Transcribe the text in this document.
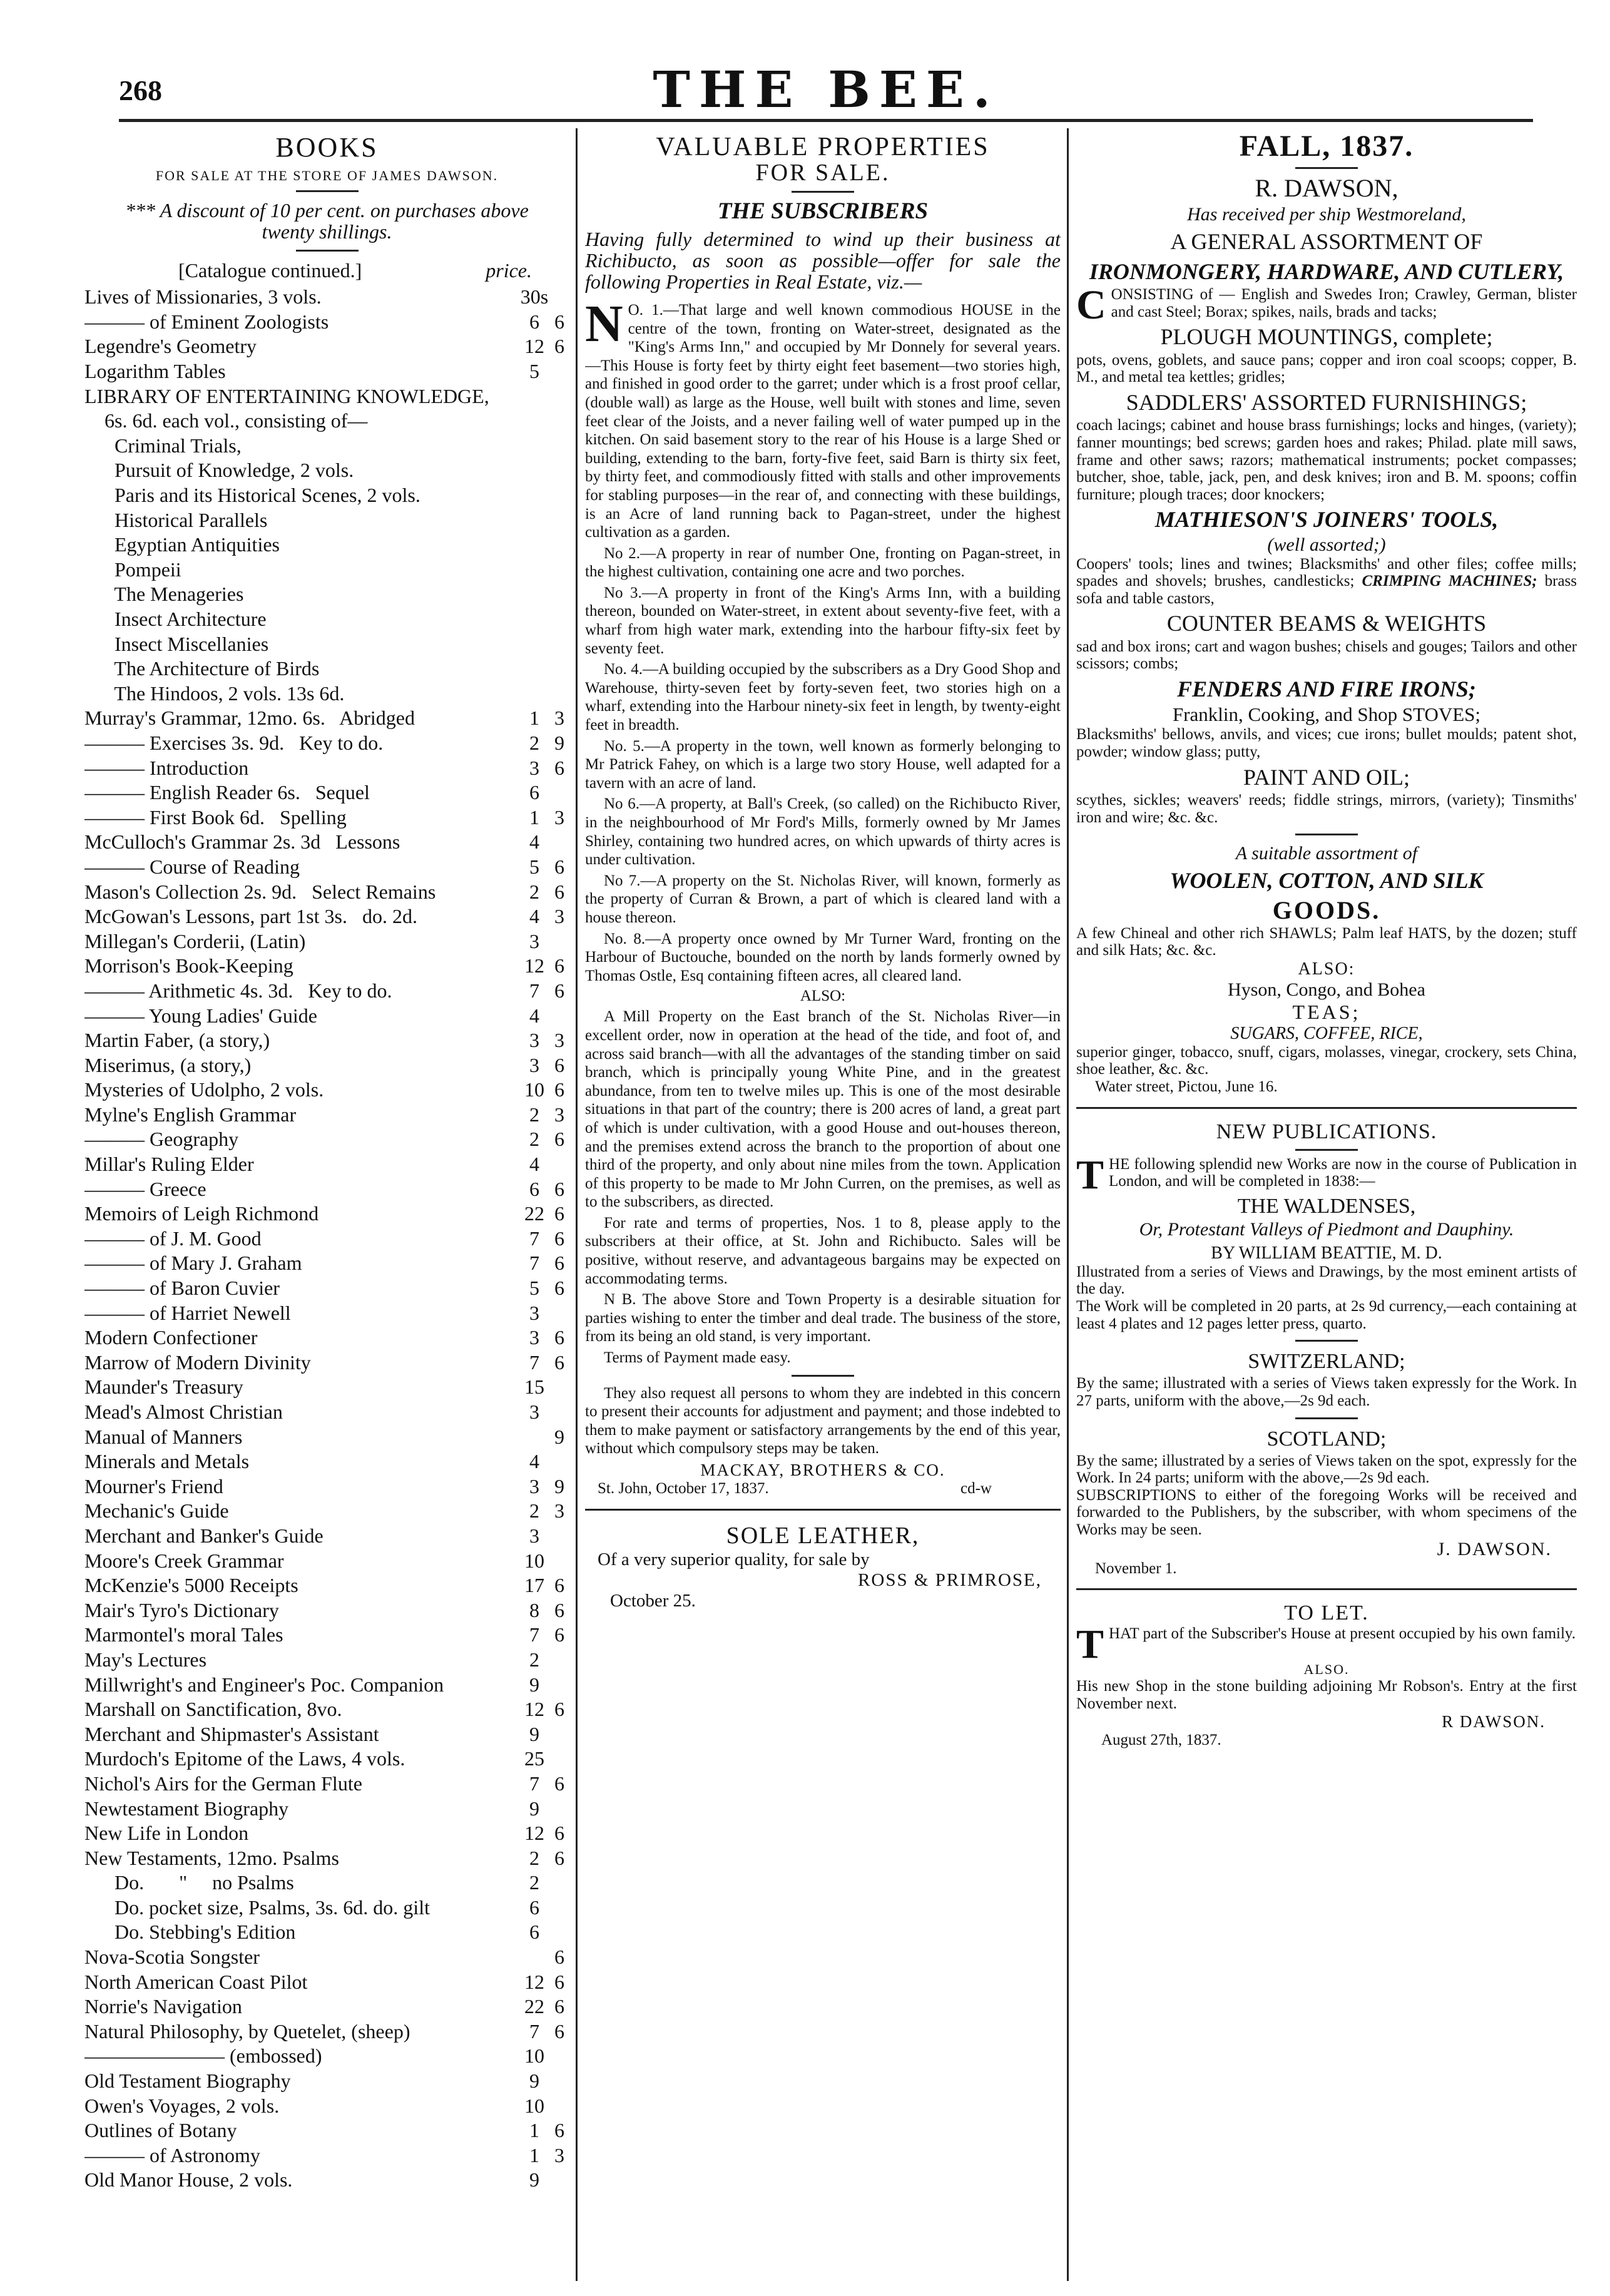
268	THE BEE.
BOOKS
FOR SALE AT THE STORE OF JAMES DAWSON.
*** A discount of 10 per cent. on purchases above twenty shillings.
[Catalogue continued.]	price.
Lives of Missionaries, 3 vols.	30s
——— of Eminent Zoologists	6 6
Legendre's Geometry	12 6
Logarithm Tables	5
LIBRARY OF ENTERTAINING KNOWLEDGE,
6s. 6d. each vol., consisting of—
Criminal Trials,
Pursuit of Knowledge, 2 vols.
Paris and its Historical Scenes, 2 vols.
Historical Parallels
Egyptian Antiquities
Pompeii
The Menageries
Insect Architecture
Insect Miscellanies
The Architecture of Birds
The Hindoos, 2 vols. 13s 6d.
Murray's Grammar, 12mo. 6s.   Abridged	1 3
——— Exercises 3s. 9d.   Key to do.	2 9
——— Introduction	3 6
——— English Reader 6s.   Sequel	6
——— First Book 6d.   Spelling	1 3
McCulloch's Grammar 2s. 3d   Lessons	4
——— Course of Reading	5 6
Mason's Collection 2s. 9d.   Select Remains	2 6
McGowan's Lessons, part 1st 3s.   do. 2d.	4 3
Millegan's Corderii, (Latin)	3
Morrison's Book-Keeping	12 6
——— Arithmetic 4s. 3d.   Key to do.	7 6
——— Young Ladies' Guide	4
Martin Faber, (a story,)	3 3
Miserimus, (a story,)	3 6
Mysteries of Udolpho, 2 vols.	10 6
Mylne's English Grammar	2 3
——— Geography	2 6
Millar's Ruling Elder	4
——— Greece	6 6
Memoirs of Leigh Richmond	22 6
——— of J. M. Good	7 6
——— of Mary J. Graham	7 6
——— of Baron Cuvier	5 6
——— of Harriet Newell	3
Modern Confectioner	3 6
Marrow of Modern Divinity	7 6
Maunder's Treasury	15
Mead's Almost Christian	3
Manual of Manners	9
Minerals and Metals	4
Mourner's Friend	3 9
Mechanic's Guide	2 3
Merchant and Banker's Guide	3
Moore's Creek Grammar	10
McKenzie's 5000 Receipts	17 6
Mair's Tyro's Dictionary	8 6
Marmontel's moral Tales	7 6
May's Lectures	2
Millwright's and Engineer's Poc. Companion	9
Marshall on Sanctification, 8vo.	12 6
Merchant and Shipmaster's Assistant	9
Murdoch's Epitome of the Laws, 4 vols.	25
Nichol's Airs for the German Flute	7 6
Newtestament Biography	9
New Life in London	12 6
New Testaments, 12mo. Psalms	2 6
Do.       "     no Psalms	2
Do. pocket size, Psalms, 3s. 6d. do. gilt	6
Do. Stebbing's Edition	6
Nova-Scotia Songster	6
North American Coast Pilot	12 6
Norrie's Navigation	22 6
Natural Philosophy, by Quetelet, (sheep)	7 6
——————— (embossed)	10
Old Testament Biography	9
Owen's Voyages, 2 vols.	10
Outlines of Botany	1 6
——— of Astronomy	1 3
Old Manor House, 2 vols.	9
VALUABLE PROPERTIES
FOR SALE.
THE SUBSCRIBERS
Having fully determined to wind up their business at Richibucto, as soon as possible—offer for sale the following Properties in Real Estate, viz.—
N O. 1.—That large and well known commodious HOUSE in the centre of the town, fronting on Water-street, designated as the "King's Arms Inn," and occupied by Mr Donnely for several years.—This House is forty feet by thirty eight feet basement—two stories high, and finished in good order to the garret; under which is a frost proof cellar, (double wall) as large as the House, well built with stones and lime, seven feet clear of the Joists, and a never failing well of water pumped up in the kitchen. On said basement story to the rear of his House is a large Shed or building, extending to the barn, forty-five feet, said Barn is thirty six feet, by thirty feet, and commodiously fitted with stalls and other improvements for stabling purposes—in the rear of, and connecting with these buildings, is an Acre of land running back to Pagan-street, under the highest cultivation as a garden.
No 2.—A property in rear of number One, fronting on Pagan-street, in the highest cultivation, containing one acre and two porches.
No 3.—A property in front of the King's Arms Inn, with a building thereon, bounded on Water-street, in extent about seventy-five feet, with a wharf from high water mark, extending into the harbour fifty-six feet by seventy feet.
No. 4.—A building occupied by the subscribers as a Dry Good Shop and Warehouse, thirty-seven feet by forty-seven feet, two stories high on a wharf, extending into the Harbour ninety-six feet in length, by twenty-eight feet in breadth.
No. 5.—A property in the town, well known as formerly belonging to Mr Patrick Fahey, on which is a large two story House, well adapted for a tavern with an acre of land.
No 6.—A property, at Ball's Creek, (so called) on the Richibucto River, in the neighbourhood of Mr Ford's Mills, formerly owned by Mr James Shirley, containing two hundred acres, on which upwards of thirty acres is under cultivation.
No 7.—A property on the St. Nicholas River, will known, formerly as the property of Curran & Brown, a part of which is cleared land with a house thereon.
No. 8.—A property once owned by Mr Turner Ward, fronting on the Harbour of Buctouche, bounded on the north by lands formerly owned by Thomas Ostle, Esq containing fifteen acres, all cleared land.
ALSO:
A Mill Property on the East branch of the St. Nicholas River—in excellent order, now in operation at the head of the tide, and foot of, and across said branch—with all the advantages of the standing timber on said branch, which is principally young White Pine, and in the greatest abundance, from ten to twelve miles up. This is one of the most desirable situations in that part of the country; there is 200 acres of land, a great part of which is under cultivation, with a good House and out-houses thereon, and the premises extend across the branch to the proportion of about one third of the property, and only about nine miles from the town. Application of this property to be made to Mr John Curren, on the premises, as well as to the subscribers, as directed.
For rate and terms of properties, Nos. 1 to 8, please apply to the subscribers at their office, at St. John and Richibucto. Sales will be positive, without reserve, and advantageous bargains may be expected on accommodating terms.
N B. The above Store and Town Property is a desirable situation for parties wishing to enter the timber and deal trade. The business of the store, from its being an old stand, is very important.
Terms of Payment made easy.
They also request all persons to whom they are indebted in this concern to present their accounts for adjustment and payment; and those indebted to them to make payment or satisfactory arrangements by the end of this year, without which compulsory steps may be taken.
MACKAY, BROTHERS & CO.
St. John, October 17, 1837.	cd-w
SOLE LEATHER,
Of a very superior quality, for sale by
ROSS & PRIMROSE,
October 25.
FALL, 1837.
R. DAWSON,
Has received per ship Westmoreland,
A GENERAL ASSORTMENT OF
IRONMONGERY, HARDWARE, AND CUTLERY,
CONSISTING of — English and Swedes Iron; Crawley, German, blister and cast Steel; Borax; spikes, nails, brads and tacks;
PLOUGH MOUNTINGS, complete;
pots, ovens, goblets, and sauce pans; copper and iron coal scoops; copper, B. M., and metal tea kettles; gridles;
SADDLERS' ASSORTED FURNISHINGS;
coach lacings; cabinet and house brass furnishings; locks and hinges, (variety); fanner mountings; bed screws; garden hoes and rakes; Philad. plate mill saws, frame and other saws; razors; mathematical instruments; pocket compasses; butcher, shoe, table, jack, pen, and desk knives; iron and B. M. spoons; coffin furniture; plough traces; door knockers;
MATHIESON'S JOINERS' TOOLS,
(well assorted;)
Coopers' tools; lines and twines; Blacksmiths' and other files; coffee mills; spades and shovels; brushes, candlesticks; CRIMPING MACHINES; brass sofa and table castors,
COUNTER BEAMS & WEIGHTS
sad and box irons; cart and wagon bushes; chisels and gouges; Tailors and other scissors; combs;
FENDERS AND FIRE IRONS;
Franklin, Cooking, and Shop STOVES;
Blacksmiths' bellows, anvils, and vices; cue irons; bullet moulds; patent shot, powder; window glass; putty,
PAINT AND OIL;
scythes, sickles; weavers' reeds; fiddle strings, mirrors, (variety); Tinsmiths' iron and wire; &c. &c.
A suitable assortment of
WOOLEN, COTTON, AND SILK
GOODS.
A few Chineal and other rich SHAWLS; Palm leaf HATS, by the dozen; stuff and silk Hats; &c. &c.
ALSO:
Hyson, Congo, and Bohea
TEAS;
SUGARS, COFFEE, RICE,
superior ginger, tobacco, snuff, cigars, molasses, vinegar, crockery, sets China, shoe leather, &c. &c.
Water street, Pictou, June 16.
NEW PUBLICATIONS.
THE following splendid new Works are now in the course of Publication in London, and will be completed in 1838:—
THE WALDENSES,
Or, Protestant Valleys of Piedmont and Dauphiny.
BY WILLIAM BEATTIE, M. D.
Illustrated from a series of Views and Drawings, by the most eminent artists of the day.
The Work will be completed in 20 parts, at 2s 9d currency,—each containing at least 4 plates and 12 pages letter press, quarto.
SWITZERLAND;
By the same; illustrated with a series of Views taken expressly for the Work. In 27 parts, uniform with the above,—2s 9d each.
SCOTLAND;
By the same; illustrated by a series of Views taken on the spot, expressly for the Work. In 24 parts; uniform with the above,—2s 9d each.
SUBSCRIPTIONS to either of the foregoing Works will be received and forwarded to the Publishers, by the subscriber, with whom specimens of the Works may be seen.
J. DAWSON.
November 1.
TO LET.
THAT part of the Subscriber's House at present occupied by his own family.
ALSO.
His new Shop in the stone building adjoining Mr Robson's. Entry at the first November next.
R DAWSON.
August 27th, 1837.
